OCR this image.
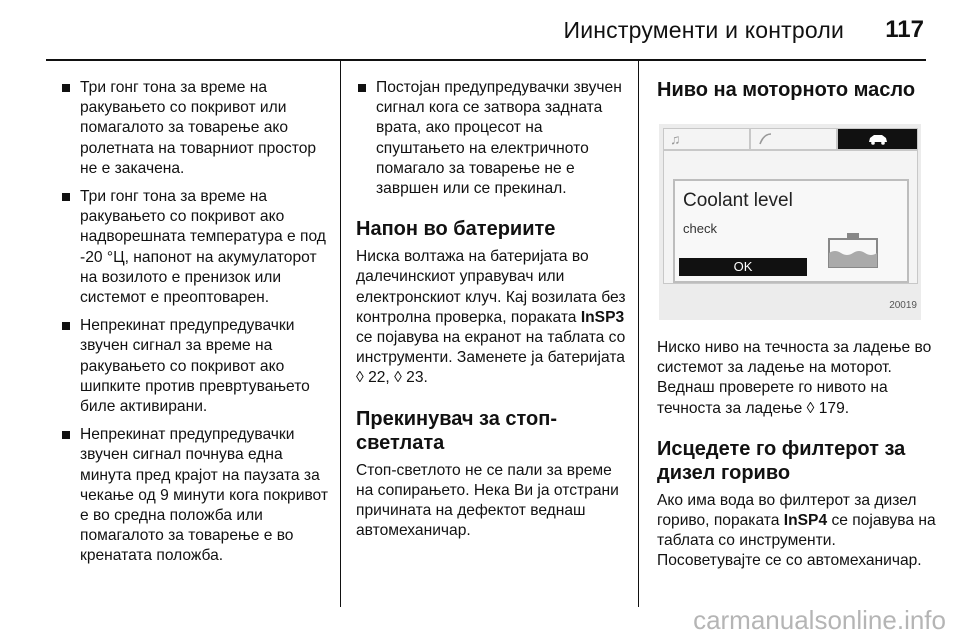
Иинструменти и контроли 117
Три гонг тона за време на ракувањето со покривот или помагалото за товарење ако ролетната на товарниот простор не е закачена.
Три гонг тона за време на ракувањето со покривот ако надворешната температура е под -20 °Ц, напонот на акумулаторот на возилото е пренизок или системот е преоптоварен.
Непрекинат предупредувачки звучен сигнал за време на ракувањето со покривот ако шипките против превртувањето биле активирани.
Непрекинат предупредувачки звучен сигнал почнува една минута пред крајот на паузата за чекање од 9 минути кога покривот е во средна положба или помагалото за товарење е во кренатата положба.
Постојан предупредувачки звучен сигнал кога се затвора задната врата, ако процесот на спуштањето на електричното помагало за товарење не е завршен или се прекинал.
Напон во батериите

Ниска волтажа на батеријата во далечинскиот управувач или електронскиот клуч. Кај возилата без контролна проверка, пораката InSP3 се појавува на екранот на таблата со инструменти. Заменете ја батеријата ◊ 22, ◊ 23.

Прекинувач за стоп-светлата

Стоп-светлото не се пали за време на сопирањето. Нека Ви ја отстрани причината на дефектот веднаш автомеханичар.

Ниво на моторното масло
♫
Coolant level
check
OK
20019

Ниско ниво на течноста за ладење во системот за ладење на моторот. Веднаш проверете го нивото на течноста за ладење ◊ 179.

Исцедете го филтерот за дизел гориво

Ако има вода во филтерот за дизел гориво, пораката InSP4 се појавува на таблата со инструменти. Посоветувајте се со автомеханичар.

carmanualsonline.info
